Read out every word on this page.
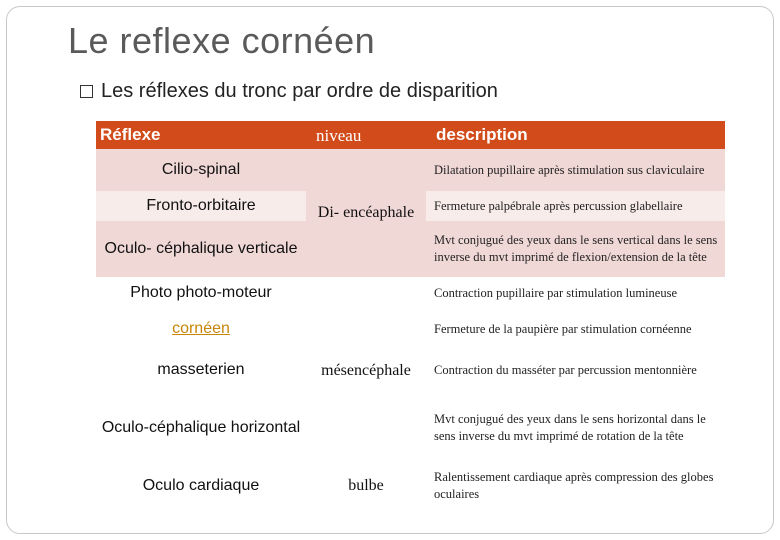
Le reflexe cornéen
Les réflexes du tronc par ordre de disparition
Réflexe	niveau	description
Cilio-spinal
Fronto-orbitaire
Oculo- céphalique verticale
Photo photo-moteur
cornéen
masseterien
Oculo-céphalique horizontal
Oculo cardiaque
Di- encéaphale
mésencéphale
bulbe
Dilatation pupillaire après stimulation sus claviculaire
Fermeture palpébrale après percussion glabellaire
Mvt conjugué des yeux dans le sens vertical dans le sens inverse du mvt imprimé de flexion/extension de la tête
Contraction pupillaire par stimulation lumineuse
Fermeture de la paupière par stimulation cornéenne
Contraction du masséter par percussion mentonnière
Mvt conjugué des yeux dans le sens horizontal dans le sens inverse du mvt imprimé de rotation de la tête
Ralentissement cardiaque après compression des globes oculaires
